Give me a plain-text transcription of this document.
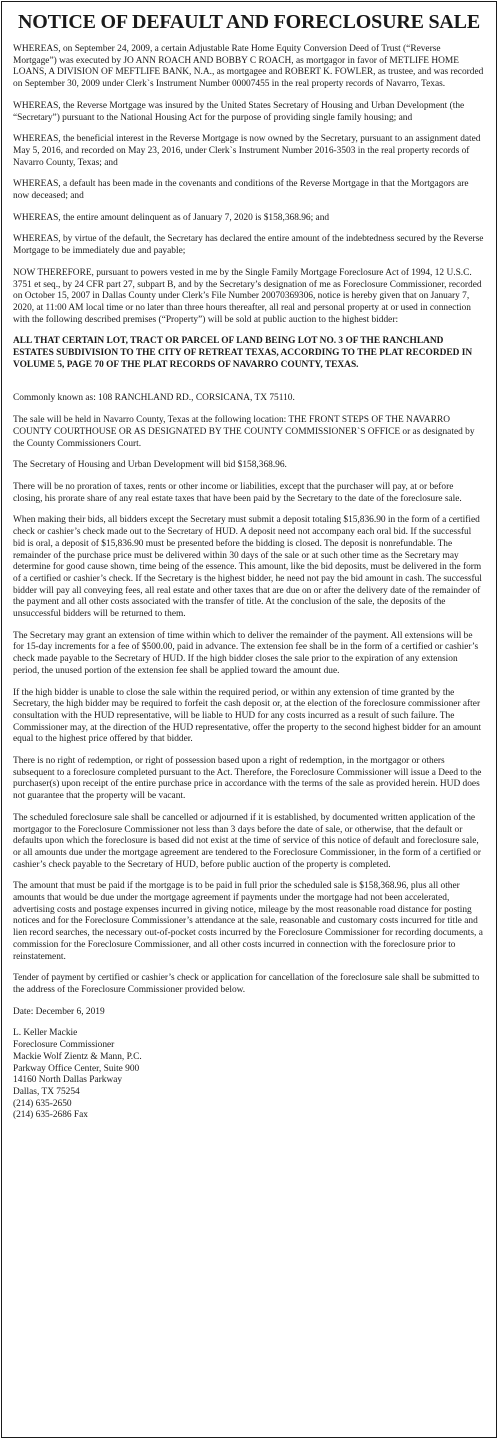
NOTICE OF DEFAULT AND FORECLOSURE SALE

WHEREAS, on September 24, 2009, a certain Adjustable Rate Home Equity Conversion Deed of Trust (“Reverse Mortgage”) was executed by JO ANN ROACH AND BOBBY C ROACH, as mortgagor in favor of METLIFE HOME LOANS, A DIVISION OF MEFTLIFE BANK, N.A., as mortgagee and ROBERT K. FOWLER, as trustee, and was recorded on September 30, 2009 under Clerk`s Instrument Number 00007455 in the real property records of Navarro, Texas.

WHEREAS, the Reverse Mortgage was insured by the United States Secretary of Housing and Urban Development (the “Secretary”) pursuant to the National Housing Act for the purpose of providing single family housing; and

WHEREAS, the beneficial interest in the Reverse Mortgage is now owned by the Secretary, pursuant to an assignment dated May 5, 2016, and recorded on May 23, 2016, under Clerk`s Instrument Number 2016-3503 in the real property records of Navarro County, Texas; and

WHEREAS, a default has been made in the covenants and conditions of the Reverse Mortgage in that the Mortgagors are now deceased; and

WHEREAS, the entire amount delinquent as of January 7, 2020 is $158,368.96; and

WHEREAS, by virtue of the default, the Secretary has declared the entire amount of the indebtedness secured by the Reverse Mortgage to be immediately due and payable;

NOW THEREFORE, pursuant to powers vested in me by the Single Family Mortgage Foreclosure Act of 1994, 12 U.S.C. 3751 et seq., by 24 CFR part 27, subpart B, and by the Secretary’s designation of me as Foreclosure Commissioner, recorded on October 15, 2007 in Dallas County under Clerk’s File Number 20070369306, notice is hereby given that on January 7, 2020, at 11:00 AM local time or no later than three hours thereafter, all real and personal property at or used in connection with the following described premises (“Property”) will be sold at public auction to the highest bidder:

ALL THAT CERTAIN LOT, TRACT OR PARCEL OF LAND BEING LOT NO. 3 OF THE RANCHLAND ESTATES SUBDIVISION TO THE CITY OF RETREAT TEXAS, ACCORDING TO THE PLAT RECORDED IN VOLUME 5, PAGE 70 OF THE PLAT RECORDS OF NAVARRO COUNTY, TEXAS.

Commonly known as: 108 RANCHLAND RD., CORSICANA, TX 75110.

The sale will be held in Navarro County, Texas at the following location: THE FRONT STEPS OF THE NAVARRO COUNTY COURTHOUSE OR AS DESIGNATED BY THE COUNTY COMMISSIONER`S OFFICE or as designated by the County Commissioners Court.

The Secretary of Housing and Urban Development will bid $158,368.96.

There will be no proration of taxes, rents or other income or liabilities, except that the purchaser will pay, at or before closing, his prorate share of any real estate taxes that have been paid by the Secretary to the date of the foreclosure sale.

When making their bids, all bidders except the Secretary must submit a deposit totaling $15,836.90 in the form of a certified check or cashier’s check made out to the Secretary of HUD. A deposit need not accompany each oral bid. If the successful bid is oral, a deposit of $15,836.90 must be presented before the bidding is closed. The deposit is nonrefundable. The remainder of the purchase price must be delivered within 30 days of the sale or at such other time as the Secretary may determine for good cause shown, time being of the essence. This amount, like the bid deposits, must be delivered in the form of a certified or cashier’s check. If the Secretary is the highest bidder, he need not pay the bid amount in cash. The successful bidder will pay all conveying fees, all real estate and other taxes that are due on or after the delivery date of the remainder of the payment and all other costs associated with the transfer of title. At the conclusion of the sale, the deposits of the unsuccessful bidders will be returned to them.

The Secretary may grant an extension of time within which to deliver the remainder of the payment. All extensions will be for 15-day increments for a fee of $500.00, paid in advance. The extension fee shall be in the form of a certified or cashier’s check made payable to the Secretary of HUD. If the high bidder closes the sale prior to the expiration of any extension period, the unused portion of the extension fee shall be applied toward the amount due.

If the high bidder is unable to close the sale within the required period, or within any extension of time granted by the Secretary, the high bidder may be required to forfeit the cash deposit or, at the election of the foreclosure commissioner after consultation with the HUD representative, will be liable to HUD for any costs incurred as a result of such failure. The Commissioner may, at the direction of the HUD representative, offer the property to the second highest bidder for an amount equal to the highest price offered by that bidder.

There is no right of redemption, or right of possession based upon a right of redemption, in the mortgagor or others subsequent to a foreclosure completed pursuant to the Act. Therefore, the Foreclosure Commissioner will issue a Deed to the purchaser(s) upon receipt of the entire purchase price in accordance with the terms of the sale as provided herein. HUD does not guarantee that the property will be vacant.

The scheduled foreclosure sale shall be cancelled or adjourned if it is established, by documented written application of the mortgagor to the Foreclosure Commissioner not less than 3 days before the date of sale, or otherwise, that the default or defaults upon which the foreclosure is based did not exist at the time of service of this notice of default and foreclosure sale, or all amounts due under the mortgage agreement are tendered to the Foreclosure Commissioner, in the form of a certified or cashier’s check payable to the Secretary of HUD, before public auction of the property is completed.

The amount that must be paid if the mortgage is to be paid in full prior the scheduled sale is $158,368.96, plus all other amounts that would be due under the mortgage agreement if payments under the mortgage had not been accelerated, advertising costs and postage expenses incurred in giving notice, mileage by the most reasonable road distance for posting notices and for the Foreclosure Commissioner’s attendance at the sale, reasonable and customary costs incurred for title and lien record searches, the necessary out-of-pocket costs incurred by the Foreclosure Commissioner for recording documents, a commission for the Foreclosure Commissioner, and all other costs incurred in connection with the foreclosure prior to reinstatement.

Tender of payment by certified or cashier’s check or application for cancellation of the foreclosure sale shall be submitted to the address of the Foreclosure Commissioner provided below.

Date: December 6, 2019

L. Keller Mackie
Foreclosure Commissioner
Mackie Wolf Zientz & Mann, P.C.
Parkway Office Center, Suite 900
14160 North Dallas Parkway
Dallas, TX 75254
(214) 635-2650
(214) 635-2686 Fax
